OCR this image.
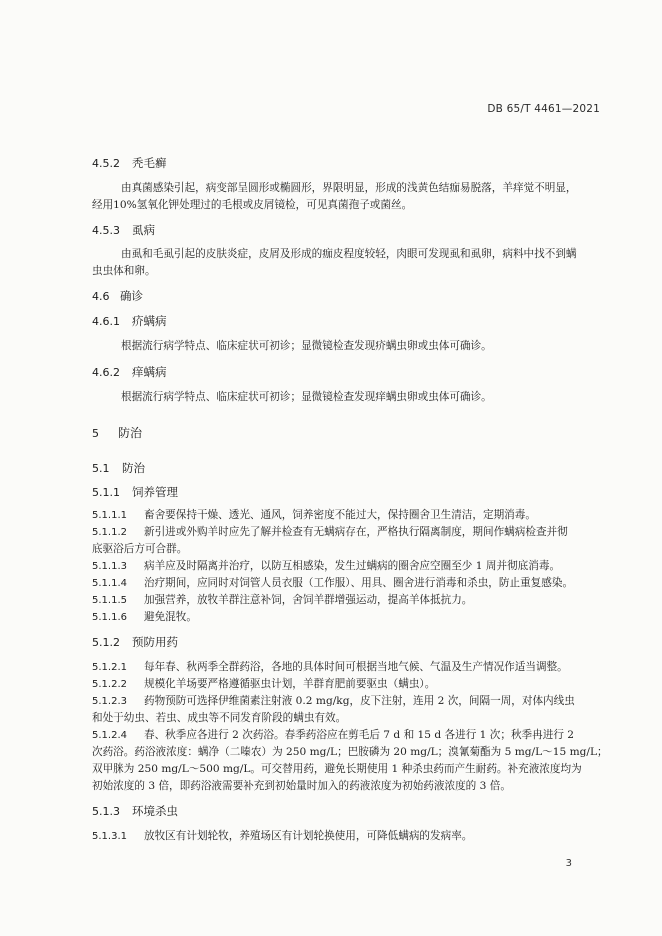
DB 65/T 4461—2021
4.5.2 秃毛癣
由真菌感染引起，病变部呈圆形或椭圆形，界限明显，形成的浅黄色结痂易脱落，羊痒觉不明显，
经用10%氢氧化钾处理过的毛根或皮屑镜检，可见真菌孢子或菌丝。
4.5.3 虱病
由虱和毛虱引起的皮肤炎症，皮屑及形成的痂皮程度较轻，肉眼可发现虱和虱卵，病料中找不到螨
虫虫体和卵。
4.6 确诊
4.6.1 疥螨病
根据流行病学特点、临床症状可初诊；显微镜检查发现疥螨虫卵或虫体可确诊。
4.6.2 痒螨病
根据流行病学特点、临床症状可初诊；显微镜检查发现痒螨虫卵或虫体可确诊。
5 防治
5.1 防治
5.1.1 饲养管理
5.1.1.1 畜舍要保持干燥、透光、通风，饲养密度不能过大，保持圈舍卫生清洁，定期消毒。
5.1.1.2 新引进或外购羊时应先了解并检查有无螨病存在，严格执行隔离制度，期间作螨病检查并彻
底驱浴后方可合群。
5.1.1.3 病羊应及时隔离并治疗，以防互相感染，发生过螨病的圈舍应空圈至少 1 周并彻底消毒。
5.1.1.4 治疗期间，应同时对饲管人员衣服（工作服）、用具、圈舍进行消毒和杀虫，防止重复感染。
5.1.1.5 加强营养，放牧羊群注意补饲，舍饲羊群增强运动，提高羊体抵抗力。
5.1.1.6 避免混牧。
5.1.2 预防用药
5.1.2.1 每年春、秋两季全群药浴，各地的具体时间可根据当地气候、气温及生产情况作适当调整。
5.1.2.2 规模化羊场要严格遵循驱虫计划，羊群育肥前要驱虫（螨虫）。
5.1.2.3 药物预防可选择伊维菌素注射液 0.2 mg/kg，皮下注射，连用 2 次，间隔一周，对体内线虫
和处于幼虫、若虫、成虫等不同发育阶段的螨虫有效。
5.1.2.4 春、秋季应各进行 2 次药浴。春季药浴应在剪毛后 7 d 和 15 d 各进行 1 次；秋季冉进行 2
次药浴。药浴液浓度：螨净（二嗪农）为 250 mg/L；巴胺磷为 20 mg/L；溴氰菊酯为 5 mg/L～15 mg/L；
双甲脒为 250 mg/L～500 mg/L。可交替用药，避免长期使用 1 种杀虫药而产生耐药。补充液浓度均为
初始浓度的 3 倍，即药浴液需要补充到初始量时加入的药液浓度为初始药液浓度的 3 倍。
5.1.3 环境杀虫
5.1.3.1 放牧区有计划轮牧，养殖场区有计划轮换使用，可降低螨病的发病率。
3
